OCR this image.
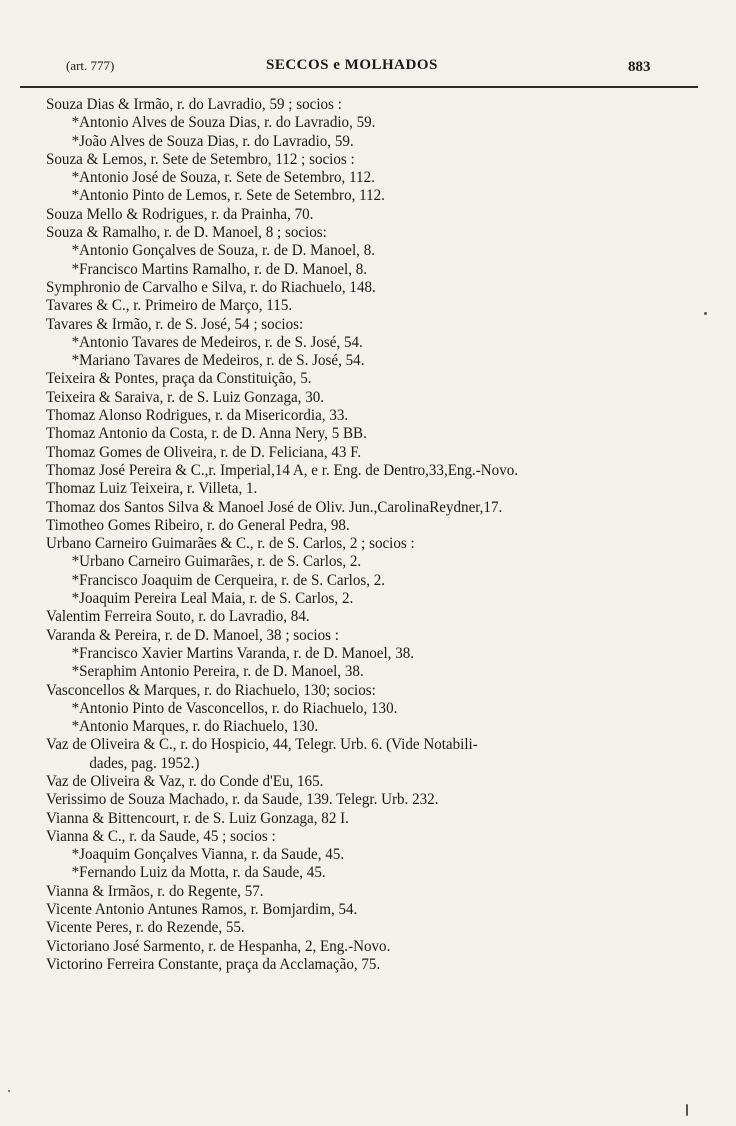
(art. 777)	SECCOS e MOLHADOS	883
Souza Dias & Irmão, r. do Lavradio, 59 ; socios :
*Antonio Alves de Souza Dias, r. do Lavradio, 59.
*João Alves de Souza Dias, r. do Lavradio, 59.
Souza & Lemos, r. Sete de Setembro, 112 ; socios :
*Antonio José de Souza, r. Sete de Setembro, 112.
*Antonio Pinto de Lemos, r. Sete de Setembro, 112.
Souza Mello & Rodrigues, r. da Prainha, 70.
Souza & Ramalho, r. de D. Manoel, 8 ; socios:
*Antonio Gonçalves de Souza, r. de D. Manoel, 8.
*Francisco Martins Ramalho, r. de D. Manoel, 8.
Symphronio de Carvalho e Silva, r. do Riachuelo, 148.
Tavares & C., r. Primeiro de Março, 115.
Tavares & Irmão, r. de S. José, 54 ; socios:
*Antonio Tavares de Medeiros, r. de S. José, 54.
*Mariano Tavares de Medeiros, r. de S. José, 54.
Teixeira & Pontes, praça da Constituição, 5.
Teixeira & Saraiva, r. de S. Luiz Gonzaga, 30.
Thomaz Alonso Rodrigues, r. da Misericordia, 33.
Thomaz Antonio da Costa, r. de D. Anna Nery, 5 BB.
Thomaz Gomes de Oliveira, r. de D. Feliciana, 43 F.
Thomaz José Pereira & C.,r. Imperial,14 A, e r. Eng. de Dentro,33,Eng.-Novo.
Thomaz Luiz Teixeira, r. Villeta, 1.
Thomaz dos Santos Silva & Manoel José de Oliv. Jun.,CarolinaReydner,17.
Timotheo Gomes Ribeiro, r. do General Pedra, 98.
Urbano Carneiro Guimarães & C., r. de S. Carlos, 2 ; socios :
*Urbano Carneiro Guimarães, r. de S. Carlos, 2.
*Francisco Joaquim de Cerqueira, r. de S. Carlos, 2.
*Joaquim Pereira Leal Maia, r. de S. Carlos, 2.
Valentim Ferreira Souto, r. do Lavradio, 84.
Varanda & Pereira, r. de D. Manoel, 38 ; socios :
*Francisco Xavier Martins Varanda, r. de D. Manoel, 38.
*Seraphim Antonio Pereira, r. de D. Manoel, 38.
Vasconcellos & Marques, r. do Riachuelo, 130; socios:
*Antonio Pinto de Vasconcellos, r. do Riachuelo, 130.
*Antonio Marques, r. do Riachuelo, 130.
Vaz de Oliveira & C., r. do Hospicio, 44, Telegr. Urb. 6. (Vide Notabili-
dades, pag. 1952.)
Vaz de Oliveira & Vaz, r. do Conde d'Eu, 165.
Verissimo de Souza Machado, r. da Saude, 139. Telegr. Urb. 232.
Vianna & Bittencourt, r. de S. Luiz Gonzaga, 82 I.
Vianna & C., r. da Saude, 45 ; socios :
*Joaquim Gonçalves Vianna, r. da Saude, 45.
*Fernando Luiz da Motta, r. da Saude, 45.
Vianna & Irmãos, r. do Regente, 57.
Vicente Antonio Antunes Ramos, r. Bomjardim, 54.
Vicente Peres, r. do Rezende, 55.
Victoriano José Sarmento, r. de Hespanha, 2, Eng.-Novo.
Victorino Ferreira Constante, praça da Acclamação, 75.
